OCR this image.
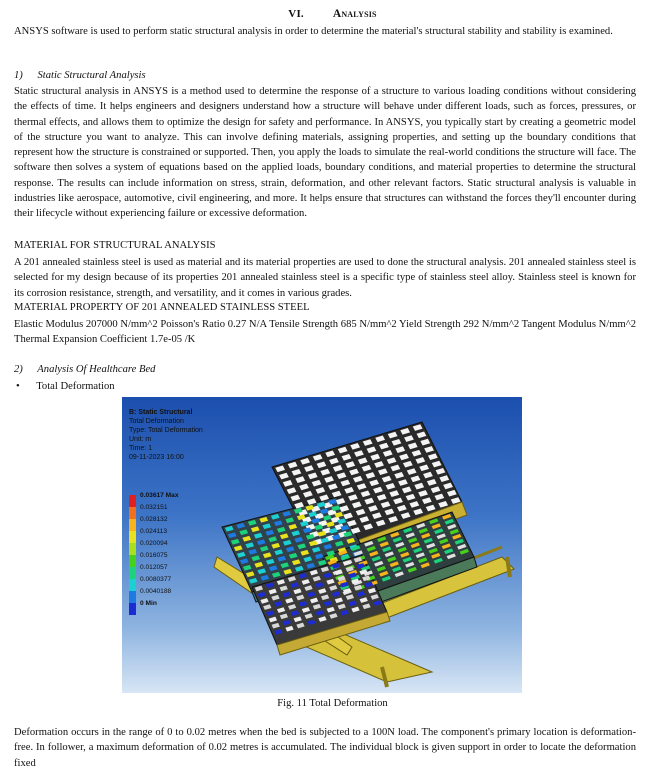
VI.	Analysis

ANSYS software is used to perform static structural analysis in order to determine the material's structural stability and stability is examined.

1) Static Structural Analysis

Static structural analysis in ANSYS is a method used to determine the response of a structure to various loading conditions without considering the effects of time. It helps engineers and designers understand how a structure will behave under different loads, such as forces, pressures, or thermal effects, and allows them to optimize the design for safety and performance. In ANSYS, you typically start by creating a geometric model of the structure you want to analyze. This can involve defining materials, assigning properties, and setting up the boundary conditions that represent how the structure is constrained or supported. Then, you apply the loads to simulate the real-world conditions the structure will face. The software then solves a system of equations based on the applied loads, boundary conditions, and material properties to determine the structural response. The results can include information on stress, strain, deformation, and other relevant factors. Static structural analysis is valuable in industries like aerospace, automotive, civil engineering, and more. It helps ensure that structures can withstand the forces they'll encounter during their lifecycle without experiencing failure or excessive deformation.

MATERIAL FOR STRUCTURAL ANALYSIS

A 201 annealed stainless steel is used as material and its material properties are used to done the structural analysis. 201 annealed stainless steel is selected for my design because of its properties 201 annealed stainless steel is a specific type of stainless steel alloy. Stainless steel is known for its corrosion resistance, strength, and versatility, and it comes in various grades.

MATERIAL PROPERTY OF 201 ANNEALED STAINLESS STEEL

Elastic Modulus 207000 N/mm^2 Poisson's Ratio 0.27 N/A Tensile Strength 685 N/mm^2 Yield Strength 292 N/mm^2 Tangent Modulus N/mm^2 Thermal Expansion Coefficient 1.7e-05 /K

2) Analysis Of Healthcare Bed
• Total Deformation
B: Static Structural
Total Deformation
Type: Total Deformation
Unit: m
Time: 1
09-11-2023 16:00
0.03617 Max
0.032151
0.028132
0.024113
0.020094
0.016075
0.012057
0.0080377
0.0040188
0 Min
Fig. 11 Total Deformation

Deformation occurs in the range of 0 to 0.02 metres when the bed is subjected to a 100N load. The component's primary location is deformation-free. In follower, a maximum deformation of 0.02 metres is accumulated. The individual block is given support in order to locate the deformation fixed
